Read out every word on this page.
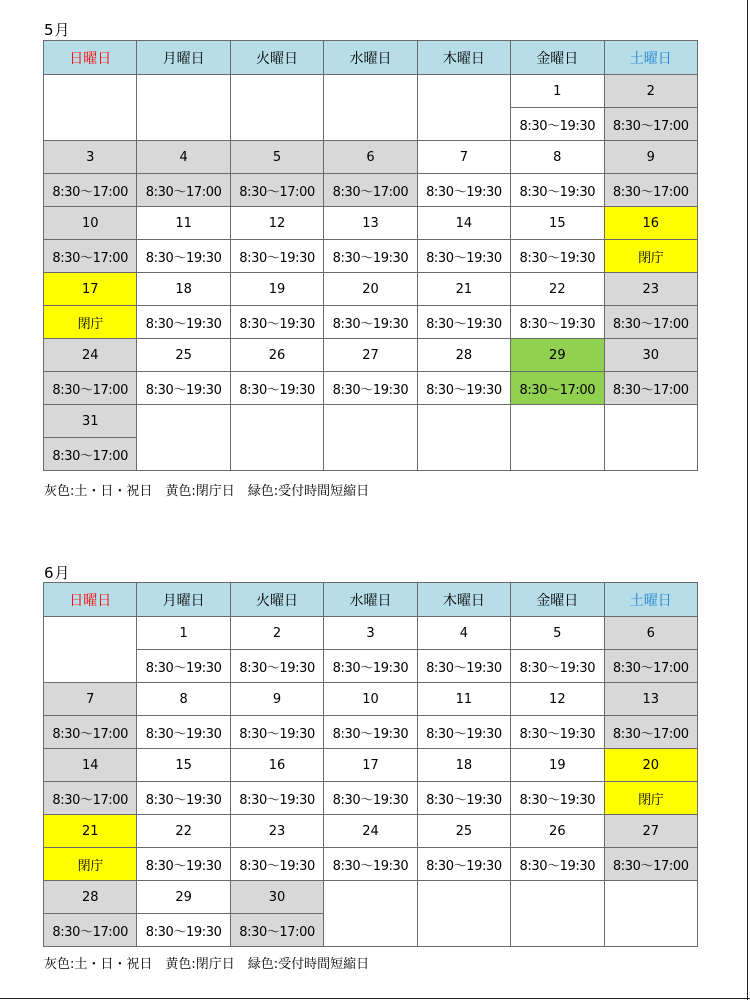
5月
日曜日	月曜日	火曜日	水曜日	木曜日	金曜日	土曜日
					1	2
					8:30〜19:30	8:30〜17:00
3	4	5	6	7	8	9
8:30〜17:00	8:30〜17:00	8:30〜17:00	8:30〜17:00	8:30〜19:30	8:30〜19:30	8:30〜17:00
10	11	12	13	14	15	16
8:30〜17:00	8:30〜19:30	8:30〜19:30	8:30〜19:30	8:30〜19:30	8:30〜19:30	閉庁
17	18	19	20	21	22	23
閉庁	8:30〜19:30	8:30〜19:30	8:30〜19:30	8:30〜19:30	8:30〜19:30	8:30〜17:00
24	25	26	27	28	29	30
8:30〜17:00	8:30〜19:30	8:30〜19:30	8:30〜19:30	8:30〜19:30	8:30〜17:00	8:30〜17:00
31						
8:30〜17:00						
灰色:土・日・祝日　黄色:閉庁日　緑色:受付時間短縮日
6月
日曜日	月曜日	火曜日	水曜日	木曜日	金曜日	土曜日
	1	2	3	4	5	6
	8:30〜19:30	8:30〜19:30	8:30〜19:30	8:30〜19:30	8:30〜19:30	8:30〜17:00
7	8	9	10	11	12	13
8:30〜17:00	8:30〜19:30	8:30〜19:30	8:30〜19:30	8:30〜19:30	8:30〜19:30	8:30〜17:00
14	15	16	17	18	19	20
8:30〜17:00	8:30〜19:30	8:30〜19:30	8:30〜19:30	8:30〜19:30	8:30〜19:30	閉庁
21	22	23	24	25	26	27
閉庁	8:30〜19:30	8:30〜19:30	8:30〜19:30	8:30〜19:30	8:30〜19:30	8:30〜17:00
28	29	30				
8:30〜17:00	8:30〜19:30	8:30〜17:00				
灰色:土・日・祝日　黄色:閉庁日　緑色:受付時間短縮日
